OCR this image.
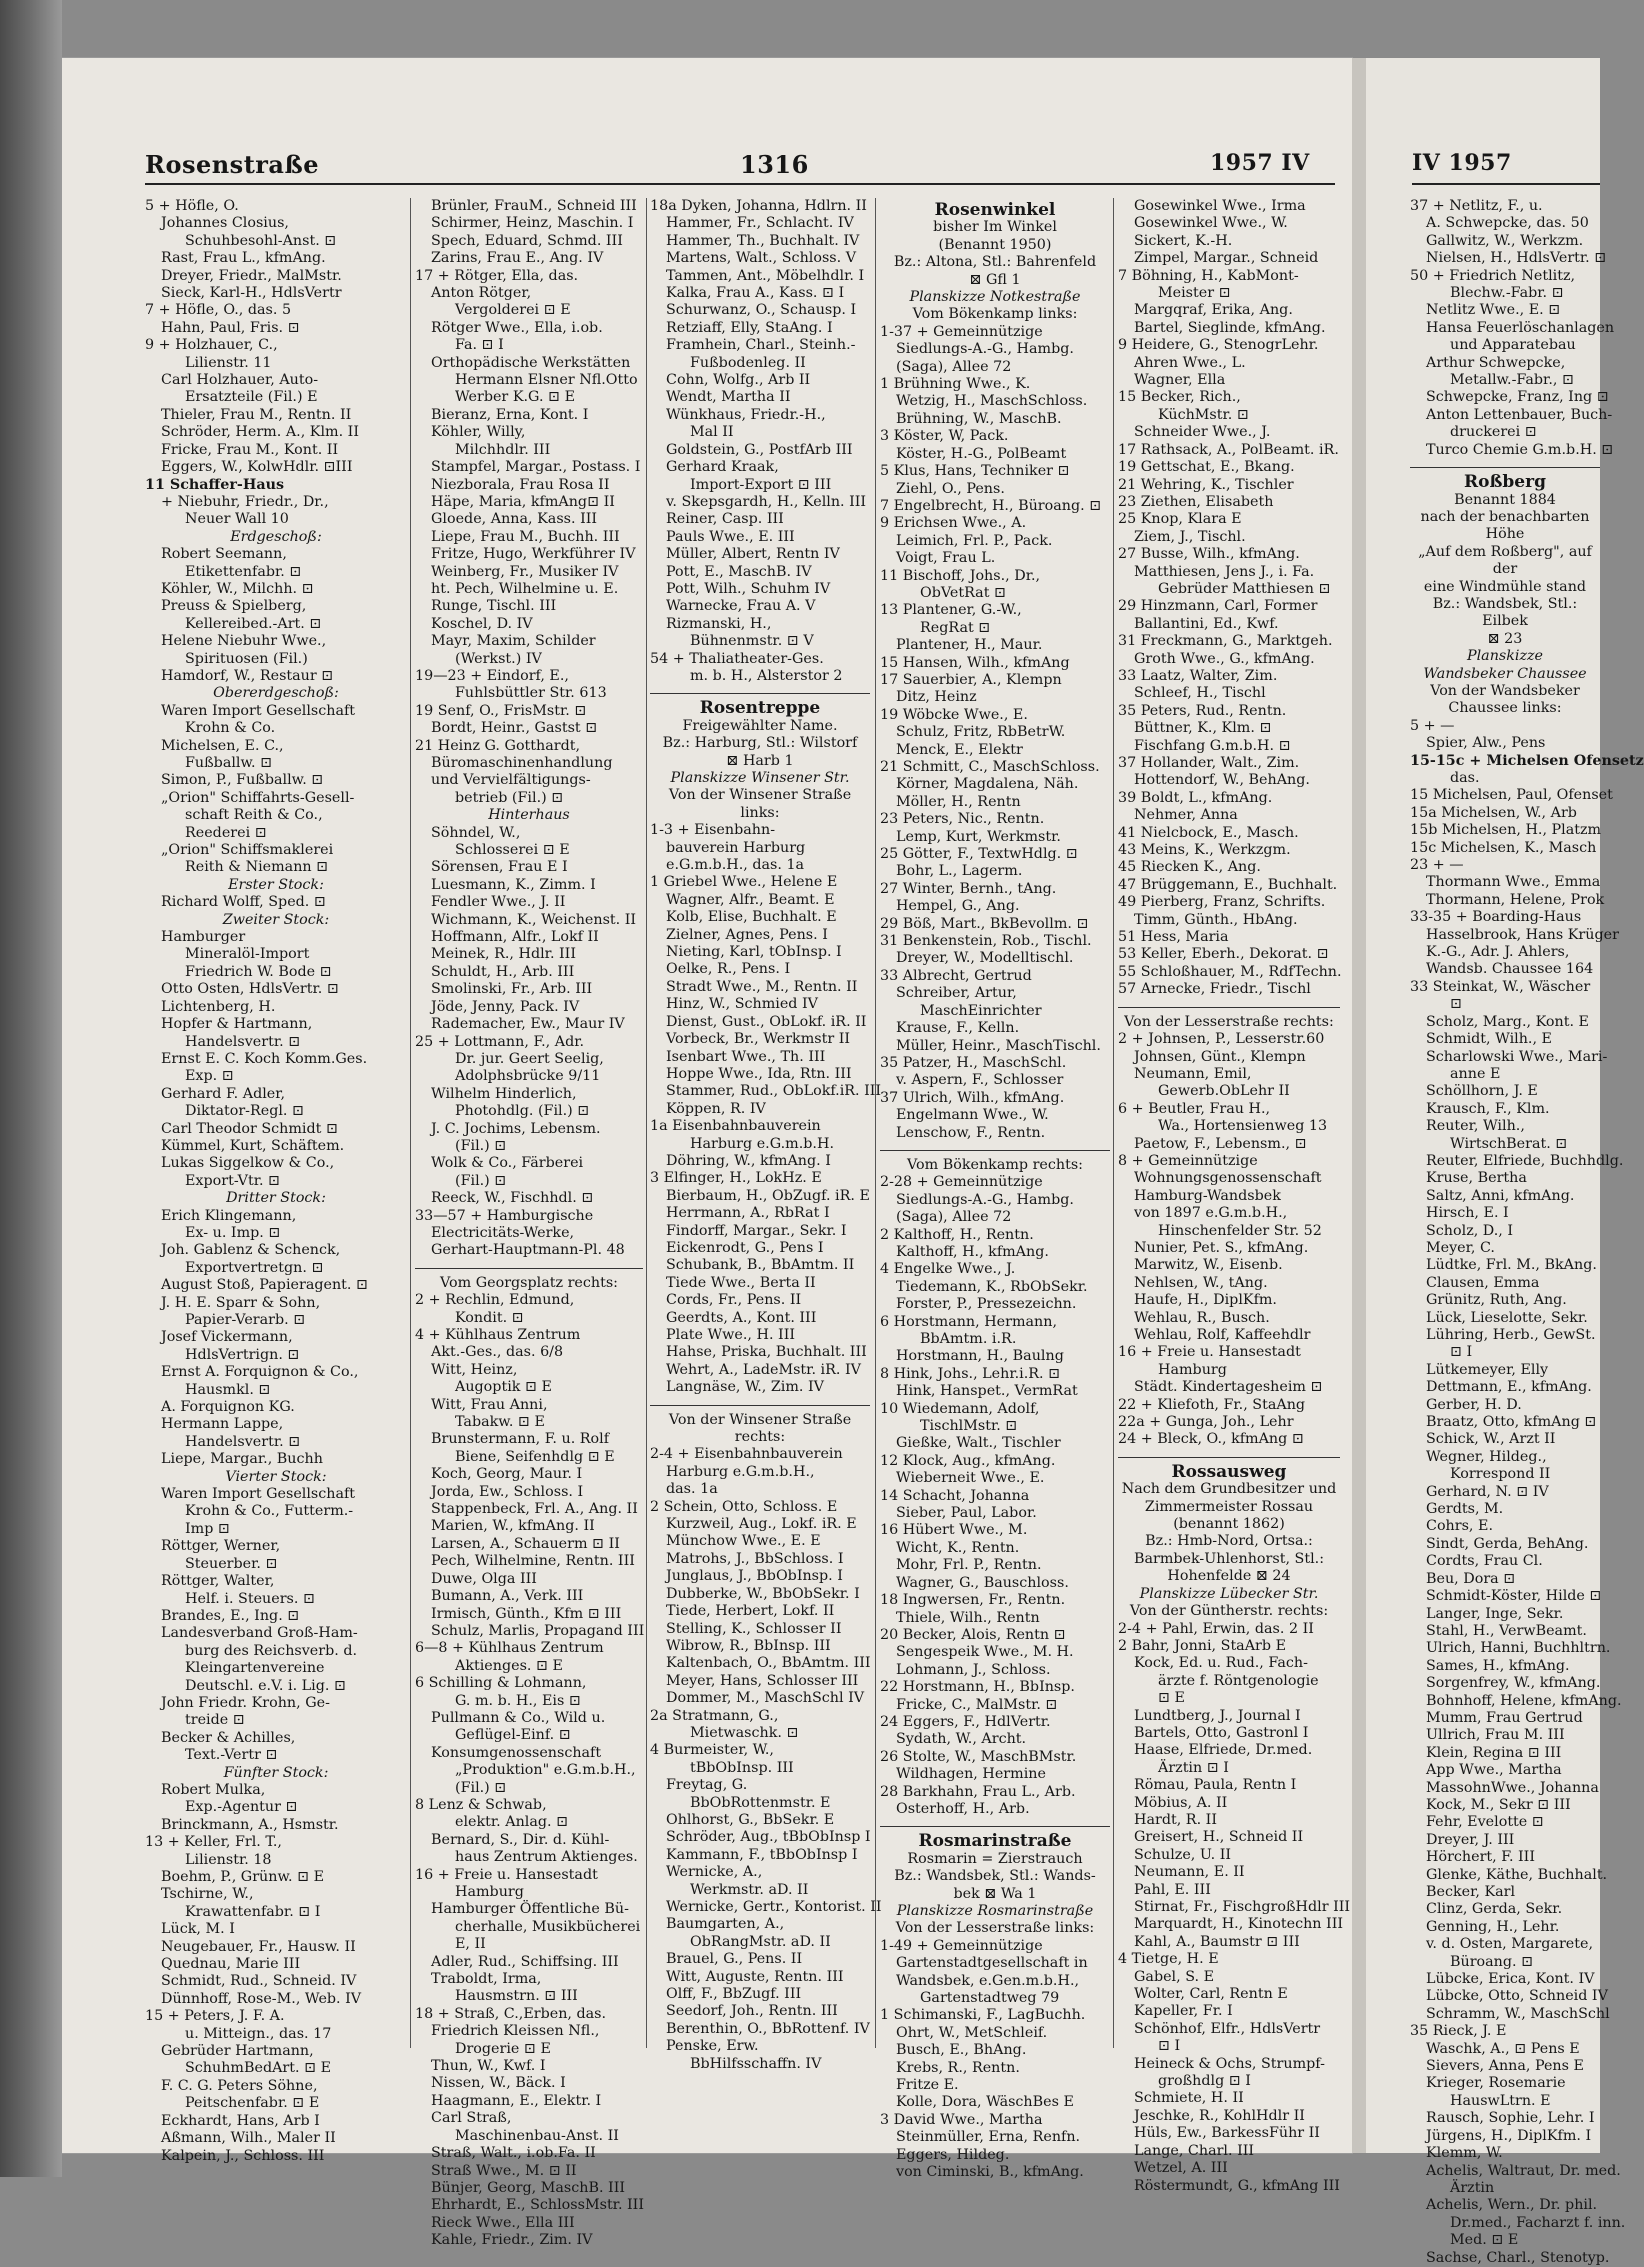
Rosenstraße	1316	1957 IV	IV 1957
5 + Höfle, O.
Johannes Closius,
Schuhbesohl-Anst. ⊡
Rast, Frau L., kfmAng.
Dreyer, Friedr., MalMstr.
Sieck, Karl-H., HdlsVertr
7 + Höfle, O., das. 5
Hahn, Paul, Fris. ⊡
9 + Holzhauer, C.,
Lilienstr. 11
Carl Holzhauer, Auto-
Ersatzteile (Fil.) E
Thieler, Frau M., Rentn. II
Schröder, Herm. A., Klm. II
Fricke, Frau M., Kont. II
Eggers, W., KolwHdlr. ⊡III
11 Schaffer-Haus
+ Niebuhr, Friedr., Dr.,
Neuer Wall 10
Erdgeschoß:
Robert Seemann,
Etikettenfabr. ⊡
Köhler, W., Milchh. ⊡
Preuss & Spielberg,
Kellereibed.-Art. ⊡
Helene Niebuhr Wwe.,
Spirituosen (Fil.)
Hamdorf, W., Restaur ⊡
Obererdgeschoß:
Waren Import Gesellschaft
Krohn & Co.
Michelsen, E. C.,
Fußballw. ⊡
Simon, P., Fußballw. ⊡
„Orion" Schiffahrts-Gesell-
schaft Reith & Co.,
Reederei ⊡
„Orion" Schiffsmaklerei
Reith & Niemann ⊡
Erster Stock:
Richard Wolff, Sped. ⊡
Zweiter Stock:
Hamburger
Mineralöl-Import
Friedrich W. Bode ⊡
Otto Osten, HdlsVertr. ⊡
Lichtenberg, H.
Hopfer & Hartmann,
Handelsvertr. ⊡
Ernst E. C. Koch Komm.Ges.
Exp. ⊡
Gerhard F. Adler,
Diktator-Regl. ⊡
Carl Theodor Schmidt ⊡
Kümmel, Kurt, Schäftem.
Lukas Siggelkow & Co.,
Export-Vtr. ⊡
Dritter Stock:
Erich Klingemann,
Ex- u. Imp. ⊡
Joh. Gablenz & Schenck,
Exportvertretgn. ⊡
August Stoß, Papieragent. ⊡
J. H. E. Sparr & Sohn,
Papier-Verarb. ⊡
Josef Vickermann,
HdlsVertrign. ⊡
Ernst A. Forquignon & Co.,
Hausmkl. ⊡
A. Forquignon KG.
Hermann Lappe,
Handelsvertr. ⊡
Liepe, Margar., Buchh
Vierter Stock:
Waren Import Gesellschaft
Krohn & Co., Futterm.-
Imp ⊡
Röttger, Werner,
Steuerber. ⊡
Röttger, Walter,
Helf. i. Steuers. ⊡
Brandes, E., Ing. ⊡
Landesverband Groß-Ham-
burg des Reichsverb. d.
Kleingartenvereine
Deutschl. e.V. i. Lig. ⊡
John Friedr. Krohn, Ge-
treide ⊡
Becker & Achilles,
Text.-Vertr ⊡
Fünfter Stock:
Robert Mulka,
Exp.-Agentur ⊡
Brinckmann, A., Hsmstr.
13 + Keller, Frl. T.,
Lilienstr. 18
Boehm, P., Grünw. ⊡ E
Tschirne, W.,
Krawattenfabr. ⊡ I
Lück, M. I
Neugebauer, Fr., Hausw. II
Quednau, Marie III
Schmidt, Rud., Schneid. IV
Dünnhoff, Rose-M., Web. IV
15 + Peters, J. F. A.
u. Mitteign., das. 17
Gebrüder Hartmann,
SchuhmBedArt. ⊡ E
F. C. G. Peters Söhne,
Peitschenfabr. ⊡ E
Eckhardt, Hans, Arb I
Aßmann, Wilh., Maler II
Kalpein, J., Schloss. III
Brünler, FrauM., Schneid III
Schirmer, Heinz, Maschin. I
Spech, Eduard, Schmd. III
Zarins, Frau E., Ang. IV
17 + Rötger, Ella, das.
Anton Rötger,
Vergolderei ⊡ E
Rötger Wwe., Ella, i.ob.
Fa. ⊡ I
Orthopädische Werkstätten
Hermann Elsner Nfl.Otto
Werber K.G. ⊡ E
Bieranz, Erna, Kont. I
Köhler, Willy,
Milchhdlr. III
Stampfel, Margar., Postass. I
Niezborala, Frau Rosa II
Häpe, Maria, kfmAng⊡ II
Gloede, Anna, Kass. III
Liepe, Frau M., Buchh. III
Fritze, Hugo, Werkführer IV
Weinberg, Fr., Musiker IV
ht. Pech, Wilhelmine u. E.
Runge, Tischl. III
Koschel, D. IV
Mayr, Maxim, Schilder
(Werkst.) IV
19—23 + Eindorf, E.,
Fuhlsbüttler Str. 613
19 Senf, O., FrisMstr. ⊡
Bordt, Heinr., Gastst ⊡
21 Heinz G. Gotthardt,
Büromaschinenhandlung
und Vervielfältigungs-
betrieb (Fil.) ⊡
Hinterhaus
Söhndel, W.,
Schlosserei ⊡ E
Sörensen, Frau E I
Luesmann, K., Zimm. I
Fendler Wwe., J. II
Wichmann, K., Weichenst. II
Hoffmann, Alfr., Lokf II
Meinek, R., Hdlr. III
Schuldt, H., Arb. III
Smolinski, Fr., Arb. III
Jöde, Jenny, Pack. IV
Rademacher, Ew., Maur IV
25 + Lottmann, F., Adr.
Dr. jur. Geert Seelig,
Adolphsbrücke 9/11
Wilhelm Hinderlich,
Photohdlg. (Fil.) ⊡
J. C. Jochims, Lebensm.
(Fil.) ⊡
Wolk & Co., Färberei
(Fil.) ⊡
Reeck, W., Fischhdl. ⊡
33—57 + Hamburgische
Electricitäts-Werke,
Gerhart-Hauptmann-Pl. 48
Vom Georgsplatz rechts:
2 + Rechlin, Edmund,
Kondit. ⊡
4 + Kühlhaus Zentrum
Akt.-Ges., das. 6/8
Witt, Heinz,
Augoptik ⊡ E
Witt, Frau Anni,
Tabakw. ⊡ E
Brunstermann, F. u. Rolf
Biene, Seifenhdlg ⊡ E
Koch, Georg, Maur. I
Jorda, Ew., Schloss. I
Stappenbeck, Frl. A., Ang. II
Marien, W., kfmAng. II
Larsen, A., Schauerm ⊡ II
Pech, Wilhelmine, Rentn. III
Duwe, Olga III
Bumann, A., Verk. III
Irmisch, Günth., Kfm ⊡ III
Schulz, Marlis, Propagand III
6—8 + Kühlhaus Zentrum
Aktienges. ⊡ E
6 Schilling & Lohmann,
G. m. b. H., Eis ⊡
Pullmann & Co., Wild u.
Geflügel-Einf. ⊡
Konsumgenossenschaft
„Produktion" e.G.m.b.H.,
(Fil.) ⊡
8 Lenz & Schwab,
elektr. Anlag. ⊡
Bernard, S., Dir. d. Kühl-
haus Zentrum Aktienges.
16 + Freie u. Hansestadt
Hamburg
Hamburger Öffentliche Bü-
cherhalle, Musikbücherei
E, II
Adler, Rud., Schiffsing. III
Traboldt, Irma,
Hausmstrn. ⊡ III
18 + Straß, C.,Erben, das.
Friedrich Kleissen Nfl.,
Drogerie ⊡ E
Thun, W., Kwf. I
Nissen, W., Bäck. I
Haagmann, E., Elektr. I
Carl Straß,
Maschinenbau-Anst. II
Straß, Walt., i.ob.Fa. II
Straß Wwe., M. ⊡ II
Bünjer, Georg, MaschB. III
Ehrhardt, E., SchlossMstr. III
Rieck Wwe., Ella III
Kahle, Friedr., Zim. IV
18a Dyken, Johanna, Hdlrn. II
Hammer, Fr., Schlacht. IV
Hammer, Th., Buchhalt. IV
Martens, Walt., Schloss. V
Tammen, Ant., Möbelhdlr. I
Kalka, Frau A., Kass. ⊡ I
Schurwanz, O., Schausp. I
Retziaff, Elly, StaAng. I
Framhein, Charl., Steinh.-
Fußbodenleg. II
Cohn, Wolfg., Arb II
Wendt, Martha II
Wünkhaus, Friedr.-H.,
Mal II
Goldstein, G., PostfArb III
Gerhard Kraak,
Import-Export ⊡ III
v. Skepsgardh, H., Kelln. III
Reiner, Casp. III
Pauls Wwe., E. III
Müller, Albert, Rentn IV
Pott, E., MaschB. IV
Pott, Wilh., Schuhm IV
Warnecke, Frau A. V
Rizmanski, H.,
Bühnenmstr. ⊡ V
54 + Thaliatheater-Ges.
m. b. H., Alsterstor 2
Rosentreppe
Freigewählter Name.
Bz.: Harburg, Stl.: Wilstorf
⊠ Harb 1
Planskizze Winsener Str.
Von der Winsener Straße
links:
1-3 + Eisenbahn-
bauverein Harburg
e.G.m.b.H., das. 1a
1 Griebel Wwe., Helene E
Wagner, Alfr., Beamt. E
Kolb, Elise, Buchhalt. E
Zielner, Agnes, Pens. I
Nieting, Karl, tObInsp. I
Oelke, R., Pens. I
Stradt Wwe., M., Rentn. II
Hinz, W., Schmied IV
Dienst, Gust., ObLokf. iR. II
Vorbeck, Br., Werkmstr II
Isenbart Wwe., Th. III
Hoppe Wwe., Ida, Rtn. III
Stammer, Rud., ObLokf.iR. III
Köppen, R. IV
1a Eisenbahnbauverein
Harburg e.G.m.b.H.
Döhring, W., kfmAng. I
3 Elfinger, H., LokHz. E
Bierbaum, H., ObZugf. iR. E
Herrmann, A., RbRat I
Findorff, Margar., Sekr. I
Eickenrodt, G., Pens I
Schubank, B., BbAmtm. II
Tiede Wwe., Berta II
Cords, Fr., Pens. II
Geerdts, A., Kont. III
Plate Wwe., H. III
Hahse, Priska, Buchhalt. III
Wehrt, A., LadeMstr. iR. IV
Langnäse, W., Zim. IV
Von der Winsener Straße
rechts:
2-4 + Eisenbahnbauverein
Harburg e.G.m.b.H.,
das. 1a
2 Schein, Otto, Schloss. E
Kurzweil, Aug., Lokf. iR. E
Münchow Wwe., E. E
Matrohs, J., BbSchloss. I
Junglaus, J., BbObInsp. I
Dubberke, W., BbObSekr. I
Tiede, Herbert, Lokf. II
Stelling, K., Schlosser II
Wibrow, R., BbInsp. III
Kaltenbach, O., BbAmtm. III
Meyer, Hans, Schlosser III
Dommer, M., MaschSchl IV
2a Stratmann, G.,
Mietwaschk. ⊡
4 Burmeister, W.,
tBbObInsp. III
Freytag, G.
BbObRottenmstr. E
Ohlhorst, G., BbSekr. E
Schröder, Aug., tBbObInsp I
Kammann, F., tBbObInsp I
Wernicke, A.,
Werkmstr. aD. II
Wernicke, Gertr., Kontorist. II
Baumgarten, A.,
ObRangMstr. aD. II
Brauel, G., Pens. II
Witt, Auguste, Rentn. III
Olff, F., BbZugf. III
Seedorf, Joh., Rentn. III
Berenthin, O., BbRottenf. IV
Penske, Erw.
BbHilfsschaffn. IV
Rosenwinkel
bisher Im Winkel
(Benannt 1950)
Bz.: Altona, Stl.: Bahrenfeld
⊠ Gfl 1
Planskizze Notkestraße
Vom Bökenkamp links:
1-37 + Gemeinnützige
Siedlungs-A.-G., Hambg.
(Saga), Allee 72
1 Brühning Wwe., K.
Wetzig, H., MaschSchloss.
Brühning, W., MaschB.
3 Köster, W, Pack.
Köster, H.-G., PolBeamt
5 Klus, Hans, Techniker ⊡
Ziehl, O., Pens.
7 Engelbrecht, H., Büroang. ⊡
9 Erichsen Wwe., A.
Leimich, Frl. P., Pack.
Voigt, Frau L.
11 Bischoff, Johs., Dr.,
ObVetRat ⊡
13 Plantener, G.-W.,
RegRat ⊡
Plantener, H., Maur.
15 Hansen, Wilh., kfmAng
17 Sauerbier, A., Klempn
Ditz, Heinz
19 Wöbcke Wwe., E.
Schulz, Fritz, RbBetrW.
Menck, E., Elektr
21 Schmitt, C., MaschSchloss.
Körner, Magdalena, Näh.
Möller, H., Rentn
23 Peters, Nic., Rentn.
Lemp, Kurt, Werkmstr.
25 Götter, F., TextwHdlg. ⊡
Bohr, L., Lagerm.
27 Winter, Bernh., tAng.
Hempel, G., Ang.
29 Böß, Mart., BkBevollm. ⊡
31 Benkenstein, Rob., Tischl.
Dreyer, W., Modelltischl.
33 Albrecht, Gertrud
Schreiber, Artur,
MaschEinrichter
Krause, F., Kelln.
Müller, Heinr., MaschTischl.
35 Patzer, H., MaschSchl.
v. Aspern, F., Schlosser
37 Ulrich, Wilh., kfmAng.
Engelmann Wwe., W.
Lenschow, F., Rentn.
Vom Bökenkamp rechts:
2-28 + Gemeinnützige
Siedlungs-A.-G., Hambg.
(Saga), Allee 72
2 Kalthoff, H., Rentn.
Kalthoff, H., kfmAng.
4 Engelke Wwe., J.
Tiedemann, K., RbObSekr.
Forster, P., Pressezeichn.
6 Horstmann, Hermann,
BbAmtm. i.R.
Horstmann, H., Baulng
8 Hink, Johs., Lehr.i.R. ⊡
Hink, Hanspet., VermRat
10 Wiedemann, Adolf,
TischlMstr. ⊡
Gießke, Walt., Tischler
12 Klock, Aug., kfmAng.
Wieberneit Wwe., E.
14 Schacht, Johanna
Sieber, Paul, Labor.
16 Hübert Wwe., M.
Wicht, K., Rentn.
Mohr, Frl. P., Rentn.
Wagner, G., Bauschloss.
18 Ingwersen, Fr., Rentn.
Thiele, Wilh., Rentn
20 Becker, Alois, Rentn ⊡
Sengespeik Wwe., M. H.
Lohmann, J., Schloss.
22 Horstmann, H., BbInsp.
Fricke, C., MalMstr. ⊡
24 Eggers, F., HdlVertr.
Sydath, W., Archt.
26 Stolte, W., MaschBMstr.
Wildhagen, Hermine
28 Barkhahn, Frau L., Arb.
Osterhoff, H., Arb.
Rosmarinstraße
Rosmarin = Zierstrauch
Bz.: Wandsbek, Stl.: Wands-
bek ⊠ Wa 1
Planskizze Rosmarinstraße
Von der Lesserstraße links:
1-49 + Gemeinnützige
Gartenstadtgesellschaft in
Wandsbek, e.Gen.m.b.H.,
Gartenstadtweg 79
1 Schimanski, F., LagBuchh.
Ohrt, W., MetSchleif.
Busch, E., BhAng.
Krebs, R., Rentn.
Fritze E.
Kolle, Dora, WäschBes E
3 David Wwe., Martha
Steinmüller, Erna, Renfn.
Eggers, Hildeg.
von Ciminski, B., kfmAng.
Gosewinkel Wwe., Irma
Gosewinkel Wwe., W.
Sickert, K.-H.
Zimpel, Margar., Schneid
7 Böhning, H., KabMont-
Meister ⊡
Margqraf, Erika, Ang.
Bartel, Sieglinde, kfmAng.
9 Heidere, G., StenogrLehr.
Ahren Wwe., L.
Wagner, Ella
15 Becker, Rich.,
KüchMstr. ⊡
Schneider Wwe., J.
17 Rathsack, A., PolBeamt. iR.
19 Gettschat, E., Bkang.
21 Wehring, K., Tischler
23 Ziethen, Elisabeth
25 Knop, Klara E
Ziem, J., Tischl.
27 Busse, Wilh., kfmAng.
Matthiesen, Jens J., i. Fa.
Gebrüder Matthiesen ⊡
29 Hinzmann, Carl, Former
Ballantini, Ed., Kwf.
31 Freckmann, G., Marktgeh.
Groth Wwe., G., kfmAng.
33 Laatz, Walter, Zim.
Schleef, H., Tischl
35 Peters, Rud., Rentn.
Büttner, K., Klm. ⊡
Fischfang G.m.b.H. ⊡
37 Hollander, Walt., Zim.
Hottendorf, W., BehAng.
39 Boldt, L., kfmAng.
Nehmer, Anna
41 Nielcbock, E., Masch.
43 Meins, K., Werkzgm.
45 Riecken K., Ang.
47 Brüggemann, E., Buchhalt.
49 Pierberg, Franz, Schrifts.
Timm, Günth., HbAng.
51 Hess, Maria
53 Keller, Eberh., Dekorat. ⊡
55 Schloßhauer, M., RdfTechn.
57 Arnecke, Friedr., Tischl
Von der Lesserstraße rechts:
2 + Johnsen, P., Lesserstr.60
Johnsen, Günt., Klempn
Neumann, Emil,
Gewerb.ObLehr II
6 + Beutler, Frau H.,
Wa., Hortensienweg 13
Paetow, F., Lebensm., ⊡
8 + Gemeinnützige
Wohnungsgenossenschaft
Hamburg-Wandsbek
von 1897 e.G.m.b.H.,
Hinschenfelder Str. 52
Nunier, Pet. S., kfmAng.
Marwitz, W., Eisenb.
Nehlsen, W., tAng.
Haufe, H., DiplKfm.
Wehlau, R., Busch.
Wehlau, Rolf, Kaffeehdlr
16 + Freie u. Hansestadt
Hamburg
Städt. Kindertagesheim ⊡
22 + Kliefoth, Fr., StaAng
22a + Gunga, Joh., Lehr
24 + Bleck, O., kfmAng ⊡
Rossausweg
Nach dem Grundbesitzer und
Zimmermeister Rossau
(benannt 1862)
Bz.: Hmb-Nord, Ortsa.:
Barmbek-Uhlenhorst, Stl.:
Hohenfelde ⊠ 24
Planskizze Lübecker Str.
Von der Güntherstr. rechts:
2-4 + Pahl, Erwin, das. 2 II
2 Bahr, Jonni, StaArb E
Kock, Ed. u. Rud., Fach-
ärzte f. Röntgenologie
⊡ E
Lundtberg, J., Journal I
Bartels, Otto, Gastronl I
Haase, Elfriede, Dr.med.
Ärztin ⊡ I
Römau, Paula, Rentn I
Möbius, A. II
Hardt, R. II
Greisert, H., Schneid II
Schulze, U. II
Neumann, E. II
Pahl, E. III
Stirnat, Fr., FischgroßHdlr III
Marquardt, H., Kinotechn III
Kahl, A., Baumstr ⊡ III
4 Tietge, H. E
Gabel, S. E
Wolter, Carl, Rentn E
Kapeller, Fr. I
Schönhof, Elfr., HdlsVertr
⊡ I
Heineck & Ochs, Strumpf-
großhdlg ⊡ I
Schmiete, H. II
Jeschke, R., KohlHdlr II
Hüls, Ew., BarkessFühr II
Lange, Charl. III
Wetzel, A. III
Röstermundt, G., kfmAng III
37 + Netlitz, F., u.
A. Schwepcke, das. 50
Gallwitz, W., Werkzm.
Nielsen, H., HdlsVertr. ⊡
50 + Friedrich Netlitz,
Blechw.-Fabr. ⊡
Netlitz Wwe., E. ⊡
Hansa Feuerlöschanlagen
und Apparatebau
Arthur Schwepcke,
Metallw.-Fabr., ⊡
Schwepcke, Franz, Ing ⊡
Anton Lettenbauer, Buch-
druckerei ⊡
Turco Chemie G.m.b.H. ⊡
Roßberg
Benannt 1884
nach der benachbarten Höhe
„Auf dem Roßberg", auf der
eine Windmühle stand
Bz.: Wandsbek, Stl.: Eilbek
⊠ 23
Planskizze
Wandsbeker Chaussee
Von der Wandsbeker
Chaussee links:
5 + —
Spier, Alw., Pens
15-15c + Michelsen Ofensetz
das.
15 Michelsen, Paul, Ofenset
15a Michelsen, W., Arb
15b Michelsen, H., Platzm
15c Michelsen, K., Masch
23 + —
Thormann Wwe., Emma
Thormann, Helene, Prok
33-35 + Boarding-Haus
Hasselbrook, Hans Krüger
K.-G., Adr. J. Ahlers,
Wandsb. Chaussee 164
33 Steinkat, W., Wäscher
⊡
Scholz, Marg., Kont. E
Schmidt, Wilh., E
Scharlowski Wwe., Mari-
anne E
Schöllhorn, J. E
Krausch, F., Klm.
Reuter, Wilh.,
WirtschBerat. ⊡
Reuter, Elfriede, Buchhdlg.
Kruse, Bertha
Saltz, Anni, kfmAng.
Hirsch, E. I
Scholz, D., I
Meyer, C.
Lüdtke, Frl. M., BkAng.
Clausen, Emma
Grünitz, Ruth, Ang.
Lück, Lieselotte, Sekr.
Lühring, Herb., GewSt.
⊡ I
Lütkemeyer, Elly
Dettmann, E., kfmAng.
Gerber, H. D.
Braatz, Otto, kfmAng ⊡
Schick, W., Arzt II
Wegner, Hildeg.,
Korrespond II
Gerhard, N. ⊡ IV
Gerdts, M.
Cohrs, E.
Sindt, Gerda, BehAng.
Cordts, Frau Cl.
Beu, Dora ⊡
Schmidt-Köster, Hilde ⊡
Langer, Inge, Sekr.
Stahl, H., VerwBeamt.
Ulrich, Hanni, Buchhltrn.
Sames, H., kfmAng.
Sorgenfrey, W., kfmAng.
Bohnhoff, Helene, kfmAng.
Mumm, Frau Gertrud
Ullrich, Frau M. III
Klein, Regina ⊡ III
App Wwe., Martha
MassohnWwe., Johanna
Kock, M., Sekr ⊡ III
Fehr, Evelotte ⊡
Dreyer, J. III
Hörchert, F. III
Glenke, Käthe, Buchhalt.
Becker, Karl
Clinz, Gerda, Sekr.
Genning, H., Lehr.
v. d. Osten, Margarete,
Büroang. ⊡
Lübcke, Erica, Kont. IV
Lübcke, Otto, Schneid IV
Schramm, W., MaschSchl
35 Rieck, J. E
Waschk, A., ⊡ Pens E
Sievers, Anna, Pens E
Krieger, Rosemarie
HauswLtrn. E
Rausch, Sophie, Lehr. I
Jürgens, H., DiplKfm. I
Klemm, W.
Achelis, Waltraut, Dr. med.
Ärztin
Achelis, Wern., Dr. phil.
Dr.med., Facharzt f. inn.
Med. ⊡ E
Sachse, Charl., Stenotyp.
